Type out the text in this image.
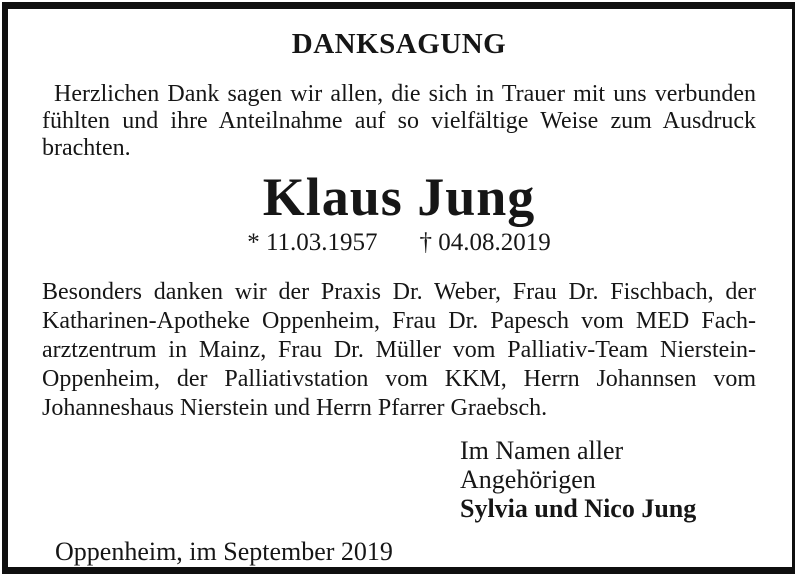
DANKSAGUNG
Herzlichen Dank sagen wir allen, die sich in Trauer mit uns verbunden
fühlten und ihre Anteilnahme auf so vielfältige Weise zum Ausdruck
brachten.
Klaus Jung
* 11.03.1957 † 04.08.2019
Besonders danken wir der Praxis Dr. Weber, Frau Dr. Fischbach, der
Katharinen-Apotheke Oppenheim, Frau Dr. Papesch vom MED Fach-
arztzentrum in Mainz, Frau Dr. Müller vom Palliativ-Team Nierstein-
Oppenheim, der Palliativstation vom KKM, Herrn Johannsen vom
Johanneshaus Nierstein und Herrn Pfarrer Graebsch.
Im Namen aller Angehörigen
Sylvia und Nico Jung
Oppenheim, im September 2019
